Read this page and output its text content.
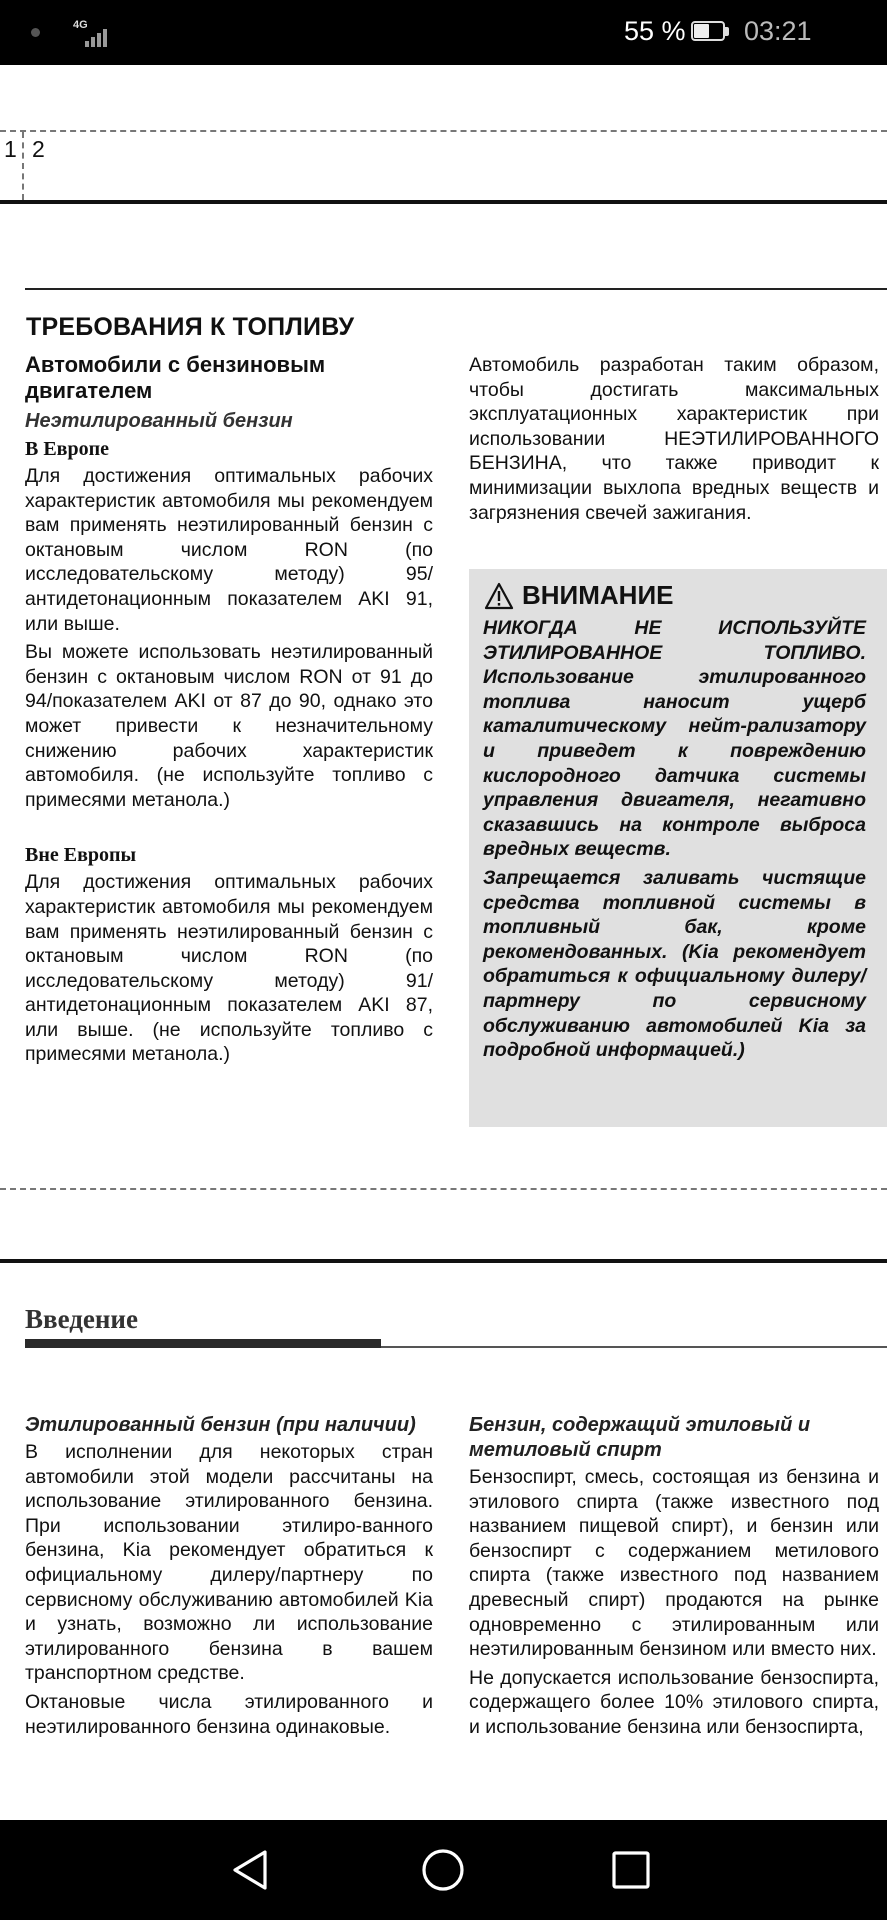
4G	55 % 03:21
1 2
ТРЕБОВАНИЯ К ТОПЛИВУ

Автомобили с бензиновым двигателем

Неэтилированный бензин

В Европе

Для достижения оптимальных рабочих характеристик автомобиля мы рекомендуем вам применять неэтилированный бензин с октановым числом RON (по исследовательскому методу) 95/антидетонационным показателем AKI 91, или выше.

Вы можете использовать неэтилированный бензин с октановым числом RON от 91 до 94/показателем AKI от 87 до 90, однако это может привести к незначительному снижению рабочих характеристик автомобиля. (не используйте топливо с примесями метанола.)

Вне Европы

Для достижения оптимальных рабочих характеристик автомобиля мы рекомендуем вам применять неэтилированный бензин с октановым числом RON (по исследовательскому методу) 91/антидетонационным показателем AKI 87, или выше. (не используйте топливо с примесями метанола.)

Автомобиль разработан таким образом, чтобы достигать максимальных эксплуатационных характеристик при использовании НЕЭТИЛИРОВАННОГО БЕНЗИНА, что также приводит к минимизации выхлопа вредных веществ и загрязнения свечей зажигания.

ВНИМАНИЕ

НИКОГДА НЕ ИСПОЛЬЗУЙТЕ ЭТИЛИРОВАННОЕ ТОПЛИВО. Использование этилированного топлива наносит ущерб каталитическому нейт-рализатору и приведет к повреждению кислородного датчика системы управления двигателя, негативно сказавшись на контроле выброса вредных веществ.

Запрещается заливать чистящие средства топливной системы в топливный бак, кроме рекомендованных. (Kia рекомендует обратиться к официальному дилеру/партнеру по сервисному обслуживанию автомобилей Kia за подробной информацией.)

Введение

Этилированный бензин (при наличии)

В исполнении для некоторых стран автомобили этой модели рассчитаны на использование этилированного бензина. При использовании этилиро-ванного бензина, Kia рекомендует обратиться к официальному дилеру/партнеру по сервисному обслуживанию автомобилей Kia и узнать, возможно ли использование этилированного бензина в вашем транспортном средстве.

Октановые числа этилированного и неэтилированного бензина одинаковые.

Бензин, содержащий этиловый и метиловый спирт

Бензоспирт, смесь, состоящая из бензина и этилового спирта (также известного под названием пищевой спирт), и бензин или бензоспирт с содержанием метилового спирта (также известного под названием древесный спирт) продаются на рынке одновременно с этилированным или неэтилированным бензином или вместо них.

Не допускается использование бензоспирта, содержащего более 10% этилового спирта, и использование бензина или бензоспирта,
